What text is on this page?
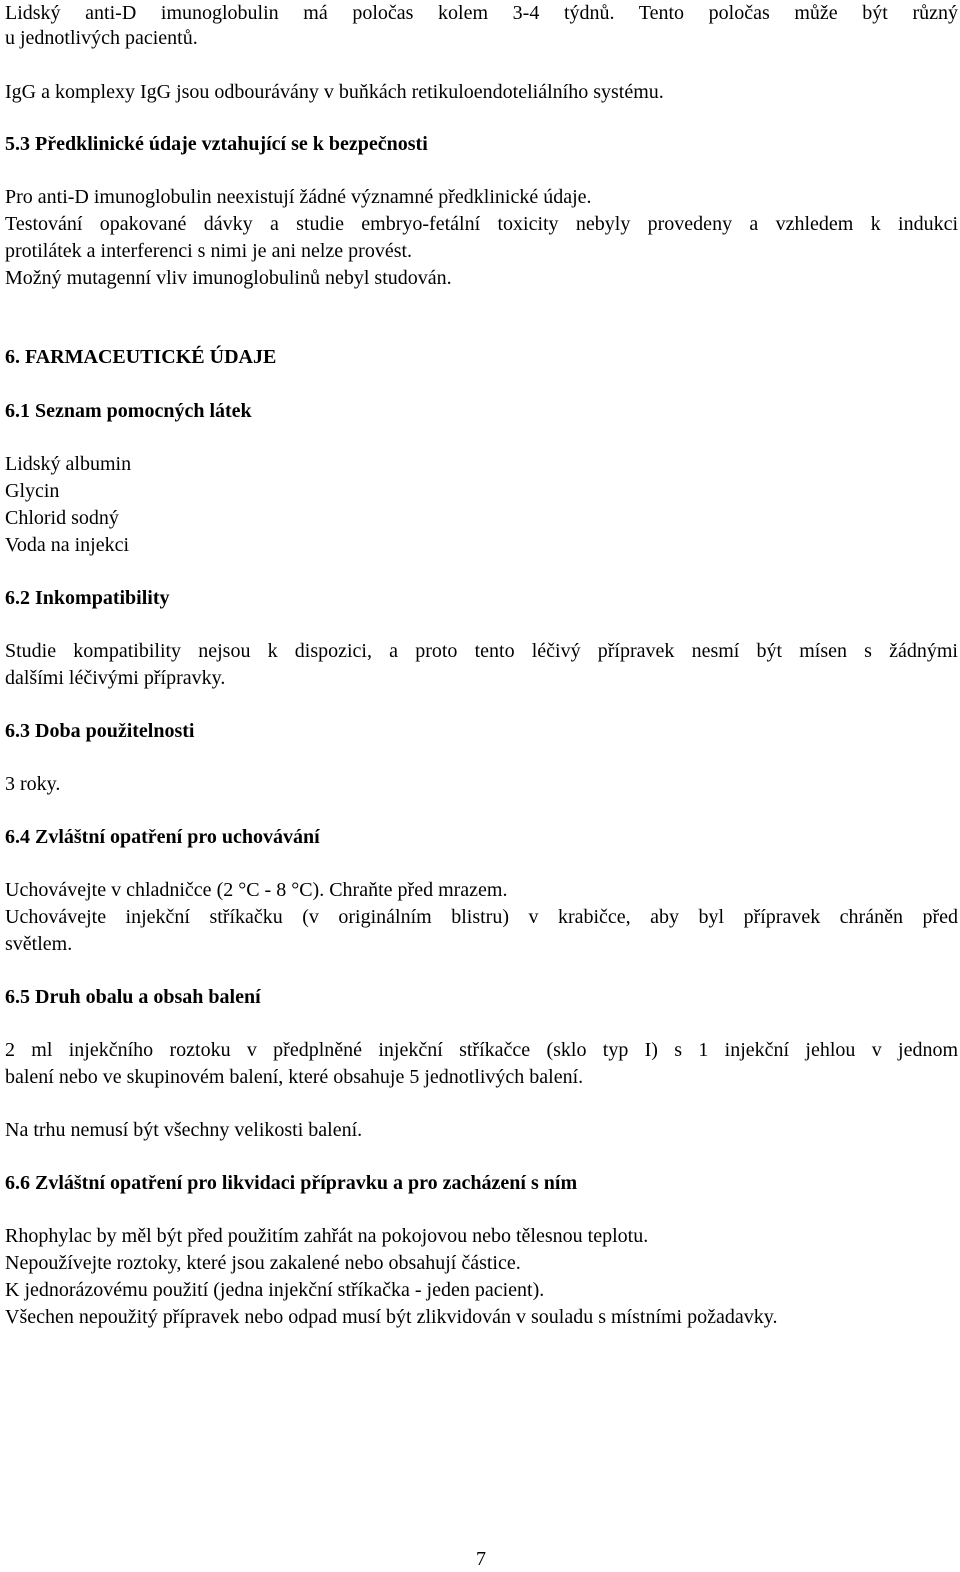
Lidský anti-D imunoglobulin má poločas kolem 3-4 týdnů. Tento poločas může být různý
u jednotlivých pacientů.
IgG a komplexy IgG jsou odbourávány v buňkách retikuloendoteliálního systému.
5.3 Předklinické údaje vztahující se k bezpečnosti
Pro anti-D imunoglobulin neexistují žádné významné předklinické údaje.
Testování opakované dávky a studie embryo-fetální toxicity nebyly provedeny a vzhledem k indukci
protilátek a interferenci s nimi je ani nelze provést.
Možný mutagenní vliv imunoglobulinů nebyl studován.
6. FARMACEUTICKÉ ÚDAJE
6.1 Seznam pomocných látek
Lidský albumin
Glycin
Chlorid sodný
Voda na injekci
6.2 Inkompatibility
Studie kompatibility nejsou k dispozici, a proto tento léčivý přípravek nesmí být mísen s žádnými
dalšími léčivými přípravky.
6.3 Doba použitelnosti
3 roky.
6.4 Zvláštní opatření pro uchovávání
Uchovávejte v chladničce (2 °C - 8 °C). Chraňte před mrazem.
Uchovávejte injekční stříkačku (v originálním blistru) v krabičce, aby byl přípravek chráněn před
světlem.
6.5 Druh obalu a obsah balení
2 ml injekčního roztoku v předplněné injekční stříkačce (sklo typ I) s 1 injekční jehlou v jednom
balení nebo ve skupinovém balení, které obsahuje 5 jednotlivých balení.
Na trhu nemusí být všechny velikosti balení.
6.6 Zvláštní opatření pro likvidaci přípravku a pro zacházení s ním
Rhophylac by měl být před použitím zahřát na pokojovou nebo tělesnou teplotu.
Nepoužívejte roztoky, které jsou zakalené nebo obsahují částice.
K jednorázovému použití (jedna injekční stříkačka - jeden pacient).
Všechen nepoužitý přípravek nebo odpad musí být zlikvidován v souladu s místními požadavky.
7
